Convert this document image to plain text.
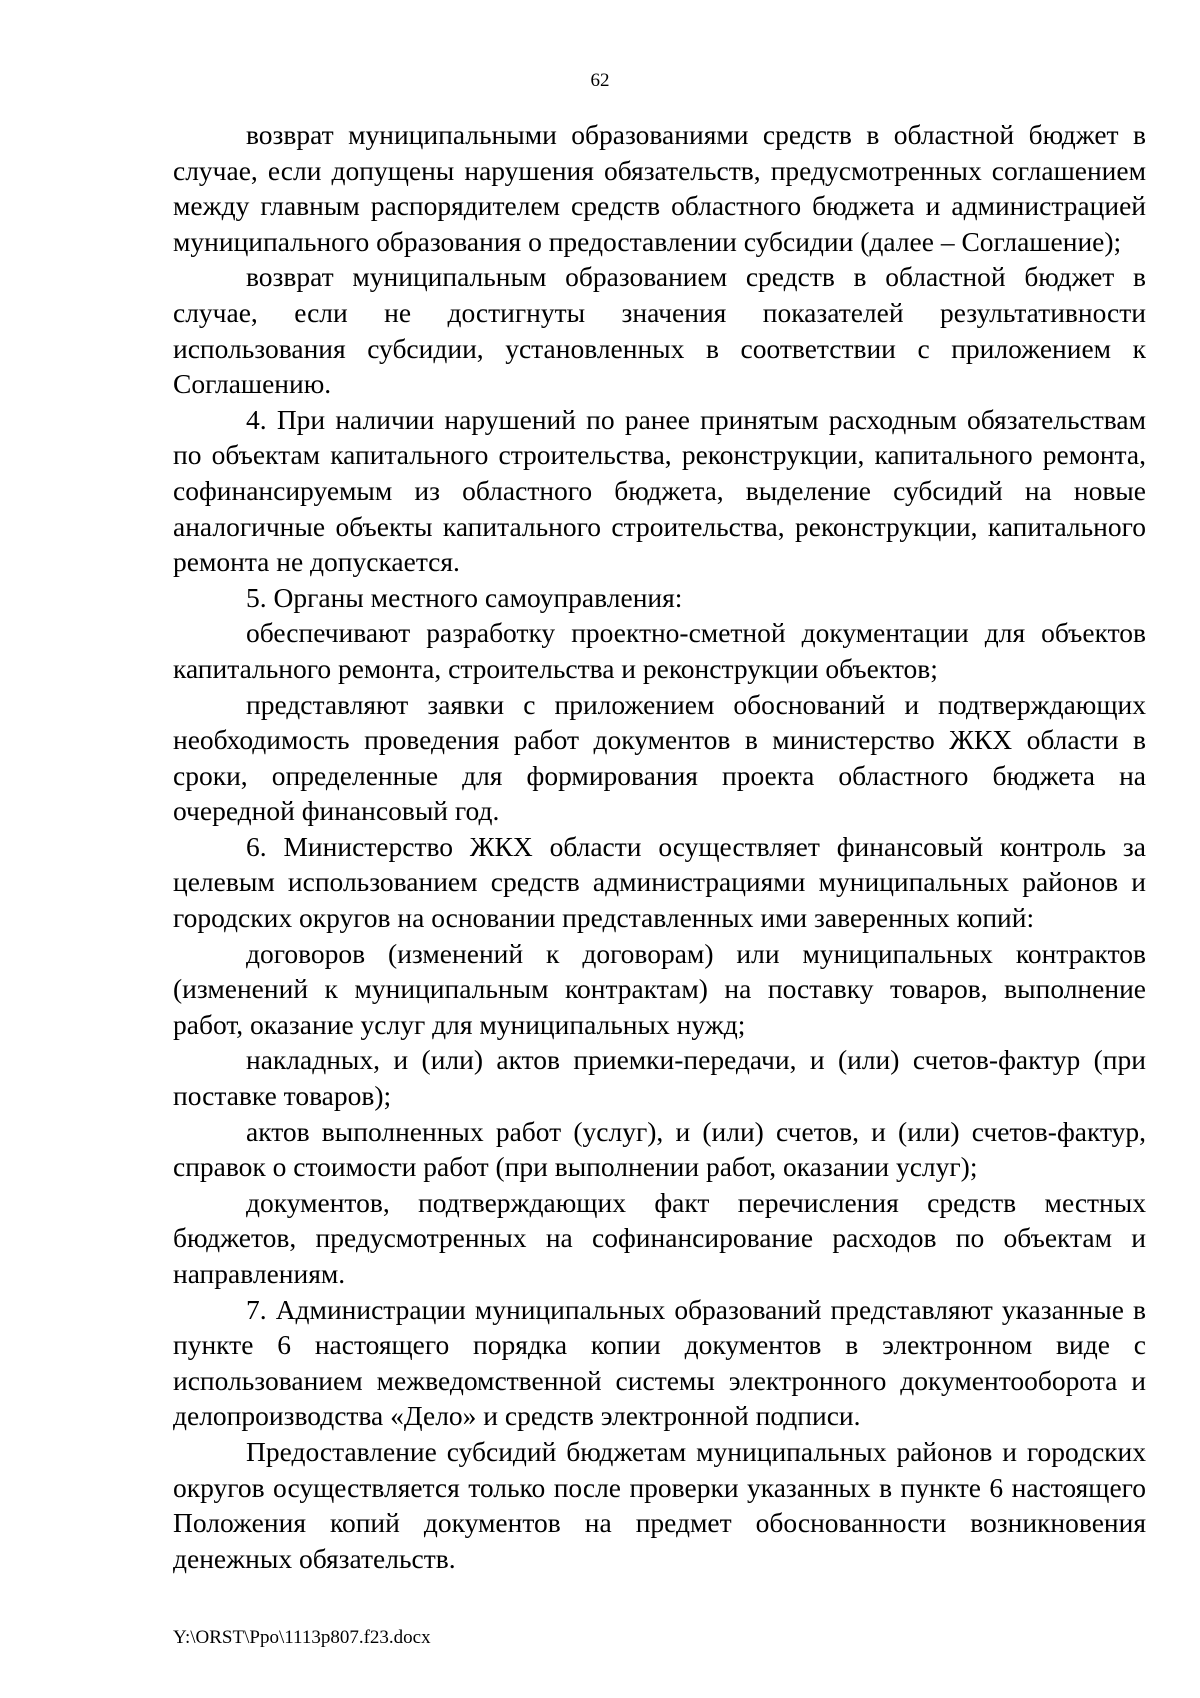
62

возврат муниципальными образованиями средств в областной бюджет в случае, если допущены нарушения обязательств, предусмотренных соглашением между главным распорядителем средств областного бюджета и администрацией муниципального образования о предоставлении субсидии (далее – Соглашение);

возврат муниципальным образованием средств в областной бюджет в случае, если не достигнуты значения показателей результативности использования субсидии, установленных в соответствии с приложением к Соглашению.

4. При наличии нарушений по ранее принятым расходным обязательствам по объектам капитального строительства, реконструкции, капитального ремонта, софинансируемым из областного бюджета, выделение субсидий на новые аналогичные объекты капитального строительства, реконструкции, капитального ремонта не допускается.

5. Органы местного самоуправления:

обеспечивают разработку проектно-сметной документации для объектов капитального ремонта, строительства и реконструкции объектов;

представляют заявки с приложением обоснований и подтверждающих необходимость проведения работ документов в министерство ЖКХ области в сроки, определенные для формирования проекта областного бюджета на очередной финансовый год.

6. Министерство ЖКХ области осуществляет финансовый контроль за целевым использованием средств администрациями муниципальных районов и городских округов на основании представленных ими заверенных копий:

договоров (изменений к договорам) или муниципальных контрактов (изменений к муниципальным контрактам) на поставку товаров, выполнение работ, оказание услуг для муниципальных нужд;

накладных, и (или) актов приемки-передачи, и (или) счетов-фактур (при поставке товаров);

актов выполненных работ (услуг), и (или) счетов, и (или) счетов-фактур, справок о стоимости работ (при выполнении работ, оказании услуг);

документов, подтверждающих факт перечисления средств местных бюджетов, предусмотренных на софинансирование расходов по объектам и направлениям.

7. Администрации муниципальных образований представляют указанные в пункте 6 настоящего порядка копии документов в электронном виде с использованием межведомственной системы электронного документооборота и делопроизводства «Дело» и средств электронной подписи.

Предоставление субсидий бюджетам муниципальных районов и городских округов осуществляется только после проверки указанных в пункте 6 настоящего Положения копий документов на предмет обоснованности возникновения денежных обязательств.

Y:\ORST\Ppo\1113p807.f23.docx
